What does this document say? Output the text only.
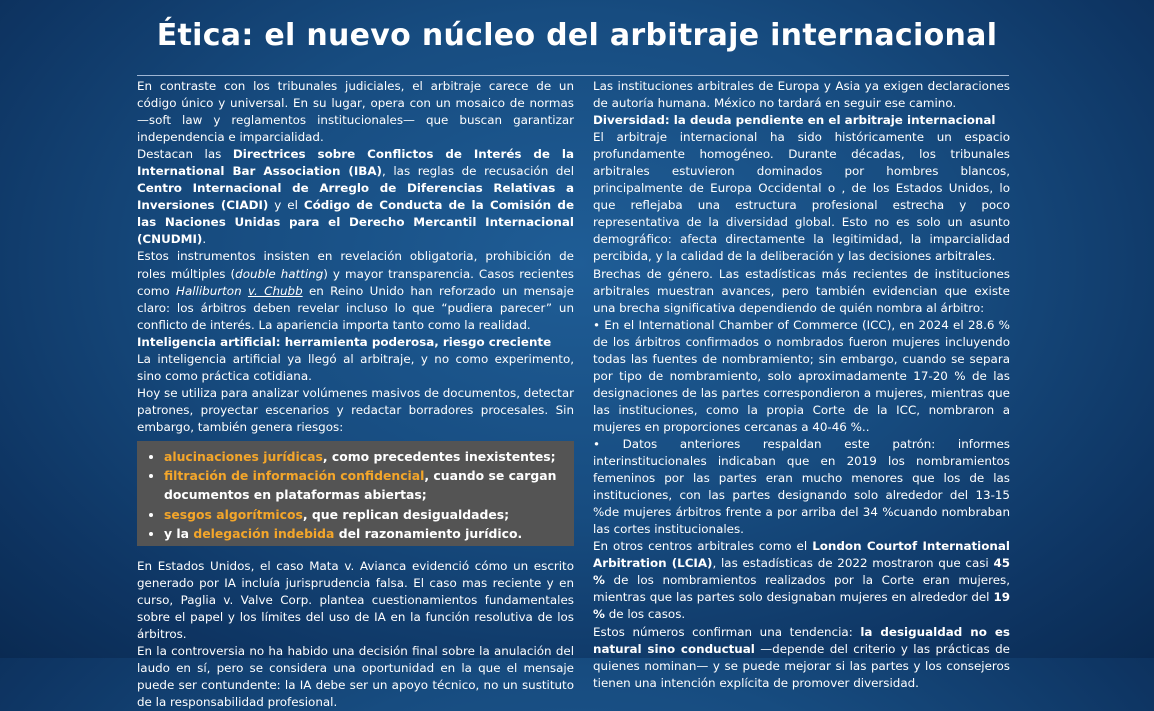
Ética: el nuevo núcleo del arbitraje internacional

En contraste con los tribunales judiciales, el arbitraje carece de un código único y universal. En su lugar, opera con un mosaico de normas —soft law y reglamentos institucionales— que buscan garantizar independencia e imparcialidad.

Destacan las Directrices sobre Conflictos de Interés de la International Bar Association (IBA), las reglas de recusación del Centro Internacional de Arreglo de Diferencias Relativas a Inversiones (CIADI) y el Código de Conducta de la Comisión de las Naciones Unidas para el Derecho Mercantil Internacional (CNUDMI).

Estos instrumentos insisten en revelación obligatoria, prohibición de roles múltiples (double hatting) y mayor transparencia. Casos recientes como Halliburton v. Chubb en Reino Unido han reforzado un mensaje claro: los árbitros deben revelar incluso lo que “pudiera parecer” un conflicto de interés. La apariencia importa tanto como la realidad.

Inteligencia artificial: herramienta poderosa, riesgo creciente

La inteligencia artificial ya llegó al arbitraje, y no como experimento, sino como práctica cotidiana.

Hoy se utiliza para analizar volúmenes masivos de documentos, detectar patrones, proyectar escenarios y redactar borradores procesales. Sin embargo, también genera riesgos:

• alucinaciones jurídicas, como precedentes inexistentes;
• filtración de información confidencial, cuando se cargan documentos en plataformas abiertas;
• sesgos algorítmicos, que replican desigualdades;
• y la delegación indebida del razonamiento jurídico.

En Estados Unidos, el caso Mata v. Avianca evidenció cómo un escrito generado por IA incluía jurisprudencia falsa. El caso mas reciente y en curso, Paglia v. Valve Corp. plantea cuestionamientos fundamentales sobre el papel y los límites del uso de IA en la función resolutiva de los árbitros.

En la controversia no ha habido una decisión final sobre la anulación del laudo en sí, pero se considera una oportunidad en la que el mensaje puede ser contundente: la IA debe ser un apoyo técnico, no un sustituto de la responsabilidad profesional.

Las instituciones arbitrales de Europa y Asia ya exigen declaraciones de autoría humana. México no tardará en seguir ese camino.

Diversidad: la deuda pendiente en el arbitraje internacional

El arbitraje internacional ha sido históricamente un espacio profundamente homogéneo. Durante décadas, los tribunales arbitrales estuvieron dominados por hombres blancos, principalmente de Europa Occidental o , de los Estados Unidos, lo que reflejaba una estructura profesional estrecha y poco representativa de la diversidad global. Esto no es solo un asunto demográfico: afecta directamente la legitimidad, la imparcialidad percibida, y la calidad de la deliberación y las decisiones arbitrales.

Brechas de género. Las estadísticas más recientes de instituciones arbitrales muestran avances, pero también evidencian que existe una brecha significativa dependiendo de quién nombra al árbitro:

• En el International Chamber of Commerce (ICC), en 2024 el 28.6 % de los árbitros confirmados o nombrados fueron mujeres incluyendo todas las fuentes de nombramiento; sin embargo, cuando se separa por tipo de nombramiento, solo aproximadamente 17-20 % de las designaciones de las partes correspondieron a mujeres, mientras que las instituciones, como la propia Corte de la ICC, nombraron a mujeres en proporciones cercanas a 40-46 %..

• Datos anteriores respaldan este patrón: informes interinstitucionales indicaban que en 2019 los nombramientos femeninos por las partes eran mucho menores que los de las instituciones, con las partes designando solo alrededor del 13-15 %de mujeres árbitros frente a por arriba del 34 %cuando nombraban las cortes institucionales.

En otros centros arbitrales como el London Courtof International Arbitration (LCIA), las estadísticas de 2022 mostraron que casi 45 % de los nombramientos realizados por la Corte eran mujeres, mientras que las partes solo designaban mujeres en alrededor del 19 % de los casos.

Estos números confirman una tendencia: la desigualdad no es natural sino conductual —depende del criterio y las prácticas de quienes nominan— y se puede mejorar si las partes y los consejeros tienen una intención explícita de promover diversidad.
